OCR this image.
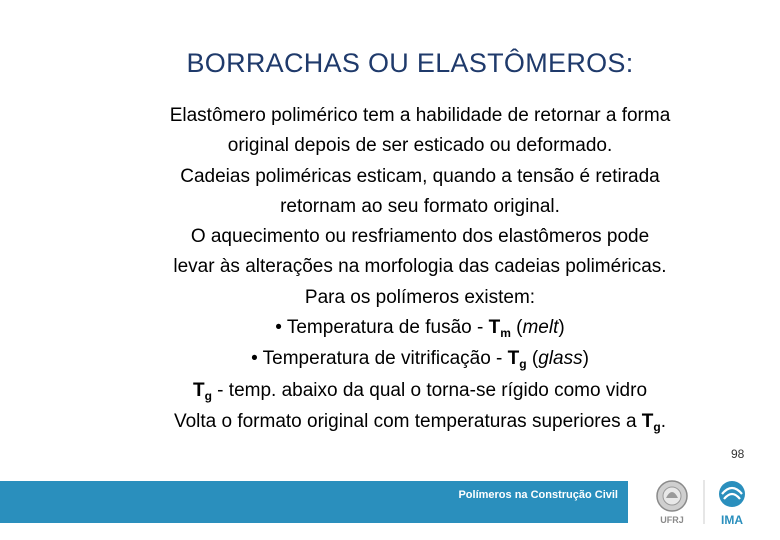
BORRACHAS OU ELASTÔMEROS:
Elastômero polimérico tem a habilidade de retornar a forma
original depois de ser esticado ou deformado.
Cadeias poliméricas esticam, quando a tensão é retirada
retornam ao seu formato original.
O aquecimento ou resfriamento dos elastômeros pode
levar às alterações na morfologia das cadeias poliméricas.
Para os polímeros existem:
• Temperatura de fusão - $T_m$ (melt)
• Temperatura de vitrificação - $T_g$ (glass)
$T_g$ - temp. abaixo da qual o torna-se rígido como vidro
Volta o formato original com temperaturas superiores a $T_g$.
98
Polímeros na Construção Civil
UFRJ	IMA
